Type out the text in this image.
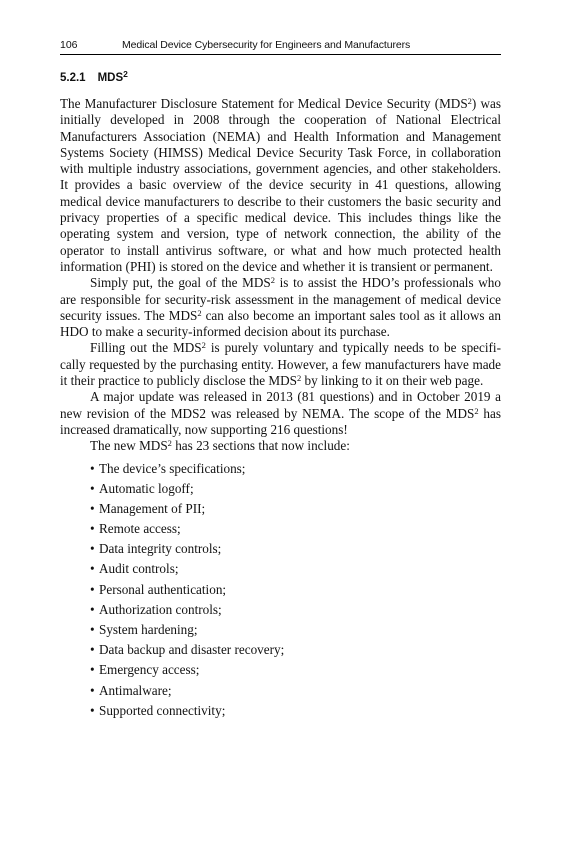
106	Medical Device Cybersecurity for Engineers and Manufacturers
5.2.1 MDS$^2$

The Manufacturer Disclosure Statement for Medical Device Security (MDS$^2$) was initially developed in 2008 through the cooperation of National Electrical Manufacturers Association (NEMA) and Health Information and Management Systems Society (HIMSS) Medical Device Security Task Force, in collaboration with multiple industry associations, government agencies, and other stakeholders. It provides a basic overview of the device security in 41 questions, allowing medical device manufacturers to describe to their customers the basic security and privacy properties of a specific medical device. This includes things like the operating system and version, type of network connection, the ability of the operator to install antivirus software, or what and how much protected health information (PHI) is stored on the device and whether it is transient or permanent.

Simply put, the goal of the MDS$^2$ is to assist the HDO’s professionals who are responsible for security-risk assessment in the management of medical device security issues. The MDS$^2$ can also become an important sales tool as it allows an HDO to make a security-informed decision about its purchase.

Filling out the MDS$^2$ is purely voluntary and typically needs to be specifically requested by the purchasing entity. However, a few manufacturers have made it their practice to publicly disclose the MDS$^2$ by linking to it on their web page.

A major update was released in 2013 (81 questions) and in October 2019 a new revision of the MDS2 was released by NEMA. The scope of the MDS$^2$ has increased dramatically, now supporting 216 questions!

The new MDS$^2$ has 23 sections that now include:

• The device’s specifications;
• Automatic logoff;
• Management of PII;
• Remote access;
• Data integrity controls;
• Audit controls;
• Personal authentication;
• Authorization controls;
• System hardening;
• Data backup and disaster recovery;
• Emergency access;
• Antimalware;
• Supported connectivity;
